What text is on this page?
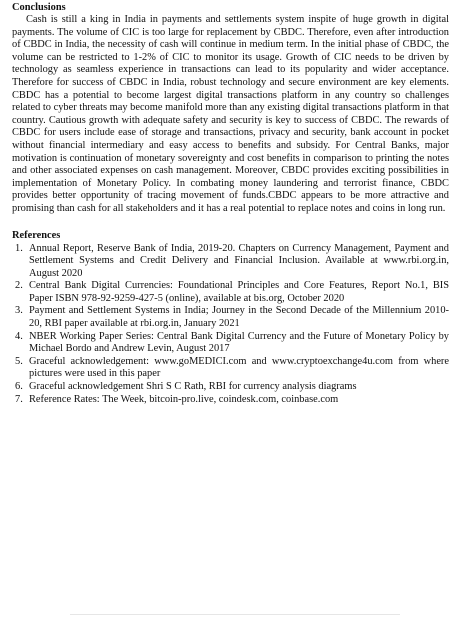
Conclusions

Cash is still a king in India in payments and settlements system inspite of huge growth in digital payments. The volume of CIC is too large for replacement by CBDC. Therefore, even after introduction of CBDC in India, the necessity of cash will continue in medium term. In the initial phase of CBDC, the volume can be restricted to 1-2% of CIC to monitor its usage. Growth of CIC needs to be driven by technology as seamless experience in transactions can lead to its popularity and wider acceptance. Therefore for success of CBDC in India, robust technology and secure environment are key elements. CBDC has a potential to become largest digital transactions platform in any country so challenges related to cyber threats may become manifold more than any existing digital transactions platform in that country. Cautious growth with adequate safety and security is key to success of CBDC. The rewards of CBDC for users include ease of storage and transactions, privacy and security, bank account in pocket without financial intermediary and easy access to benefits and subsidy. For Central Banks, major motivation is continuation of monetary sovereignty and cost benefits in comparison to printing the notes and other associated expenses on cash management. Moreover, CBDC provides exciting possibilities in implementation of Monetary Policy. In combating money laundering and terrorist finance, CBDC provides better opportunity of tracing movement of funds.CBDC appears to be more attractive and promising than cash for all stakeholders and it has a real potential to replace notes and coins in long run.

References
1. Annual Report, Reserve Bank of India, 2019-20. Chapters on Currency Management, Payment and Settlement Systems and Credit Delivery and Financial Inclusion. Available at www.rbi.org.in, August 2020
2. Central Bank Digital Currencies: Foundational Principles and Core Features, Report No.1, BIS Paper ISBN 978-92-9259-427-5 (online), available at bis.org, October 2020
3. Payment and Settlement Systems in India; Journey in the Second Decade of the Millennium 2010-20, RBI paper available at rbi.org.in, January 2021
4. NBER Working Paper Series: Central Bank Digital Currency and the Future of Monetary Policy by Michael Bordo and Andrew Levin, August 2017
5. Graceful acknowledgement: www.goMEDICI.com and www.cryptoexchange4u.com from where pictures were used in this paper
6. Graceful acknowledgement Shri S C Rath, RBI for currency analysis diagrams
7. Reference Rates: The Week, bitcoin-pro.live, coindesk.com, coinbase.com
